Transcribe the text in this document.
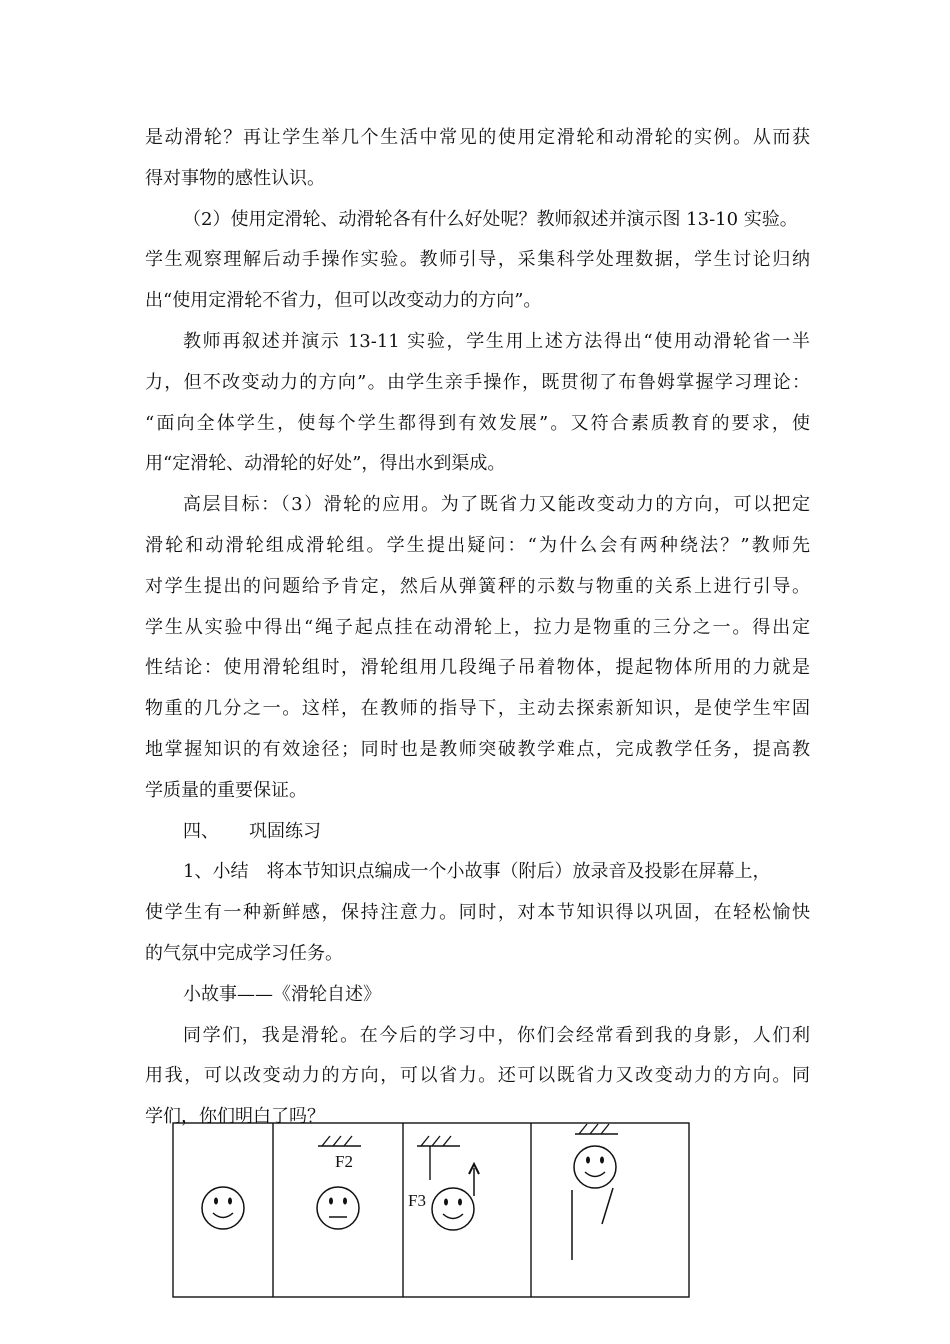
是动滑轮？再让学生举几个生活中常见的使用定滑轮和动滑轮的实例。从而获
得对事物的感性认识。
（2）使用定滑轮、动滑轮各有什么好处呢？教师叙述并演示图 13-10 实验。
学生观察理解后动手操作实验。教师引导，采集科学处理数据，学生讨论归纳
出“使用定滑轮不省力，但可以改变动力的方向”。
教师再叙述并演示 13-11 实验，学生用上述方法得出“使用动滑轮省一半
力，但不改变动力的方向”。由学生亲手操作，既贯彻了布鲁姆掌握学习理论：
“面向全体学生，使每个学生都得到有效发展”。又符合素质教育的要求，使
用“定滑轮、动滑轮的好处”，得出水到渠成。
高层目标：（3）滑轮的应用。为了既省力又能改变动力的方向，可以把定
滑轮和动滑轮组成滑轮组。学生提出疑问：“为什么会有两种绕法？”教师先
对学生提出的问题给予肯定，然后从弹簧秤的示数与物重的关系上进行引导。
学生从实验中得出“绳子起点挂在动滑轮上，拉力是物重的三分之一。得出定
性结论：使用滑轮组时，滑轮组用几段绳子吊着物体，提起物体所用的力就是
物重的几分之一。这样，在教师的指导下，主动去探索新知识，是使学生牢固
地掌握知识的有效途径；同时也是教师突破教学难点，完成教学任务，提高教
学质量的重要保证。
四、 巩固练习
1、小结　将本节知识点编成一个小故事（附后）放录音及投影在屏幕上，
使学生有一种新鲜感，保持注意力。同时，对本节知识得以巩固，在轻松愉快
的气氛中完成学习任务。
小故事——《滑轮自述》
同学们，我是滑轮。在今后的学习中，你们会经常看到我的身影，人们利
用我，可以改变动力的方向，可以省力。还可以既省力又改变动力的方向。同
学们，你们明白了吗？
F2
F3
